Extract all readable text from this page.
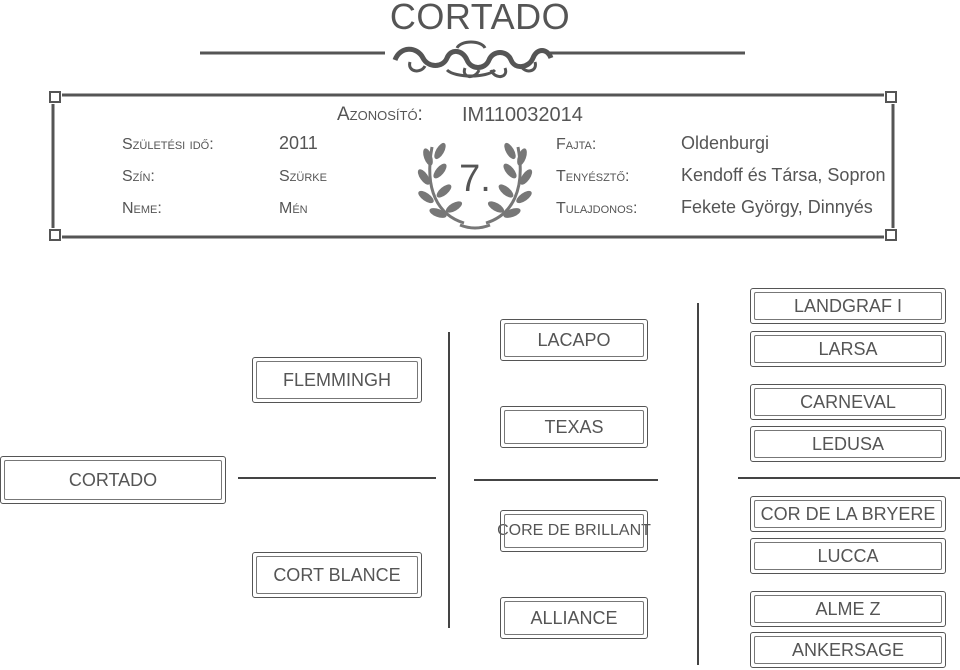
CORTADO
Azonosító: IM110032014
Születési idő:	2011
Szín:	Szürke
Neme:	Mén
7.
Fajta:	Oldenburgi
Tenyésztő:	Kendoff és Társa, Sopron
Tulajdonos: Fekete György, Dinnyés
CORTADO
FLEMMINGH
CORT BLANCE
LACAPO
TEXAS
CORE DE BRILLANT
ALLIANCE
LANDGRAF I
LARSA
CARNEVAL
LEDUSA
COR DE LA BRYERE
LUCCA
ALME Z
ANKERSAGE
